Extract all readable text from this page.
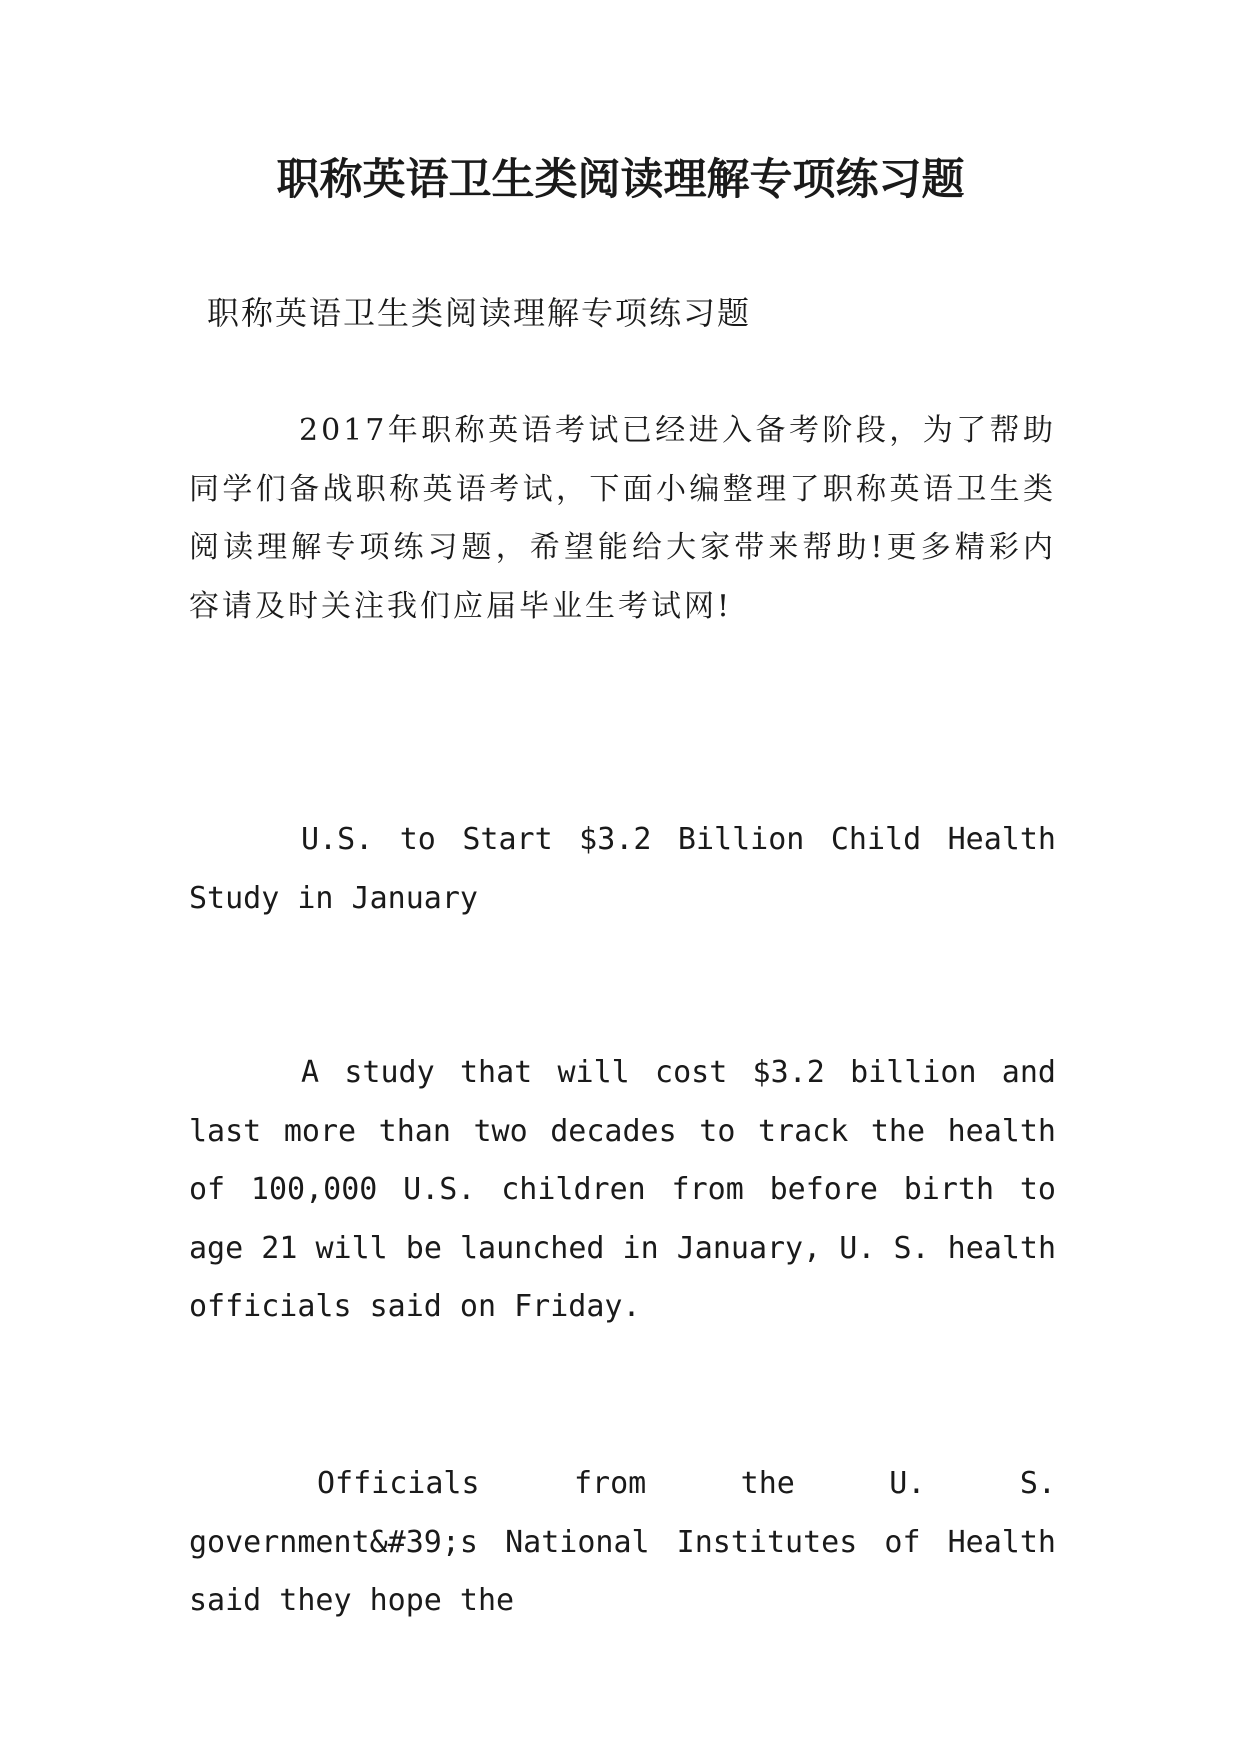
职称英语卫生类阅读理解专项练习题
职称英语卫生类阅读理解专项练习题

2017年职称英语考试已经进入备考阶段，为了帮助同学们备战职称英语考试，下面小编整理了职称英语卫生类阅读理解专项练习题，希望能给大家带来帮助!更多精彩内容请及时关注我们应届毕业生考试网!

U.S. to Start $3.2 Billion Child Health Study in January

A study that will cost $3.2 billion and last more than two decades to track the health of 100,000 U.S. children from before birth to age 21 will be launched in January, U. S. health officials said on Friday.

Officials from the U. S. government&#39;s National Institutes of Health said they hope the
